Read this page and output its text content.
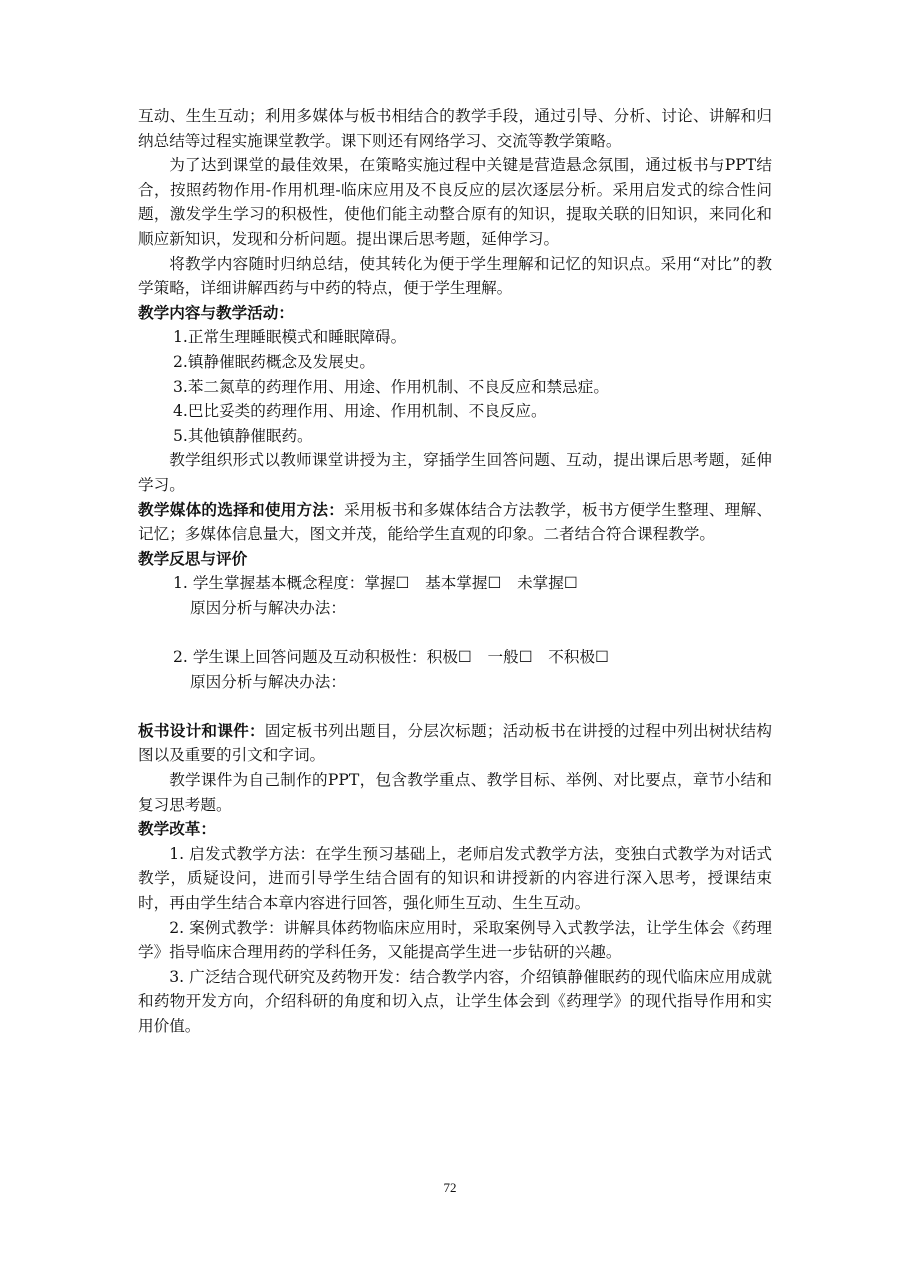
互动、生生互动；利用多媒体与板书相结合的教学手段，通过引导、分析、讨论、讲解和归纳总结等过程实施课堂教学。课下则还有网络学习、交流等教学策略。

为了达到课堂的最佳效果，在策略实施过程中关键是营造悬念氛围，通过板书与PPT结合，按照药物作用-作用机理-临床应用及不良反应的层次逐层分析。采用启发式的综合性问题，激发学生学习的积极性，使他们能主动整合原有的知识，提取关联的旧知识，来同化和顺应新知识，发现和分析问题。提出课后思考题，延伸学习。

将教学内容随时归纳总结，使其转化为便于学生理解和记忆的知识点。采用“对比”的教学策略，详细讲解西药与中药的特点，便于学生理解。

教学内容与教学活动：

1.正常生理睡眠模式和睡眠障碍。

2.镇静催眠药概念及发展史。

3.苯二氮草的药理作用、用途、作用机制、不良反应和禁忌症。

4.巴比妥类的药理作用、用途、作用机制、不良反应。

5.其他镇静催眠药。

教学组织形式以教师课堂讲授为主，穿插学生回答问题、互动，提出课后思考题，延伸学习。

教学媒体的选择和使用方法：采用板书和多媒体结合方法教学，板书方便学生整理、理解、记忆；多媒体信息量大，图文并茂，能给学生直观的印象。二者结合符合课程教学。

教学反思与评价

1. 学生掌握基本概念程度：掌握☐　基本掌握☐　未掌握☐

原因分析与解决办法：

2. 学生课上回答问题及互动积极性：积极☐　一般☐　不积极☐

原因分析与解决办法：

板书设计和课件：固定板书列出题目，分层次标题；活动板书在讲授的过程中列出树状结构图以及重要的引文和字词。

教学课件为自己制作的PPT，包含教学重点、教学目标、举例、对比要点，章节小结和复习思考题。

教学改革：

1. 启发式教学方法：在学生预习基础上，老师启发式教学方法，变独白式教学为对话式教学，质疑设问，进而引导学生结合固有的知识和讲授新的内容进行深入思考，授课结束时，再由学生结合本章内容进行回答，强化师生互动、生生互动。

2. 案例式教学：讲解具体药物临床应用时，采取案例导入式教学法，让学生体会《药理学》指导临床合理用药的学科任务，又能提高学生进一步钻研的兴趣。

3. 广泛结合现代研究及药物开发：结合教学内容，介绍镇静催眠药的现代临床应用成就和药物开发方向，介绍科研的角度和切入点，让学生体会到《药理学》的现代指导作用和实用价值。

72
